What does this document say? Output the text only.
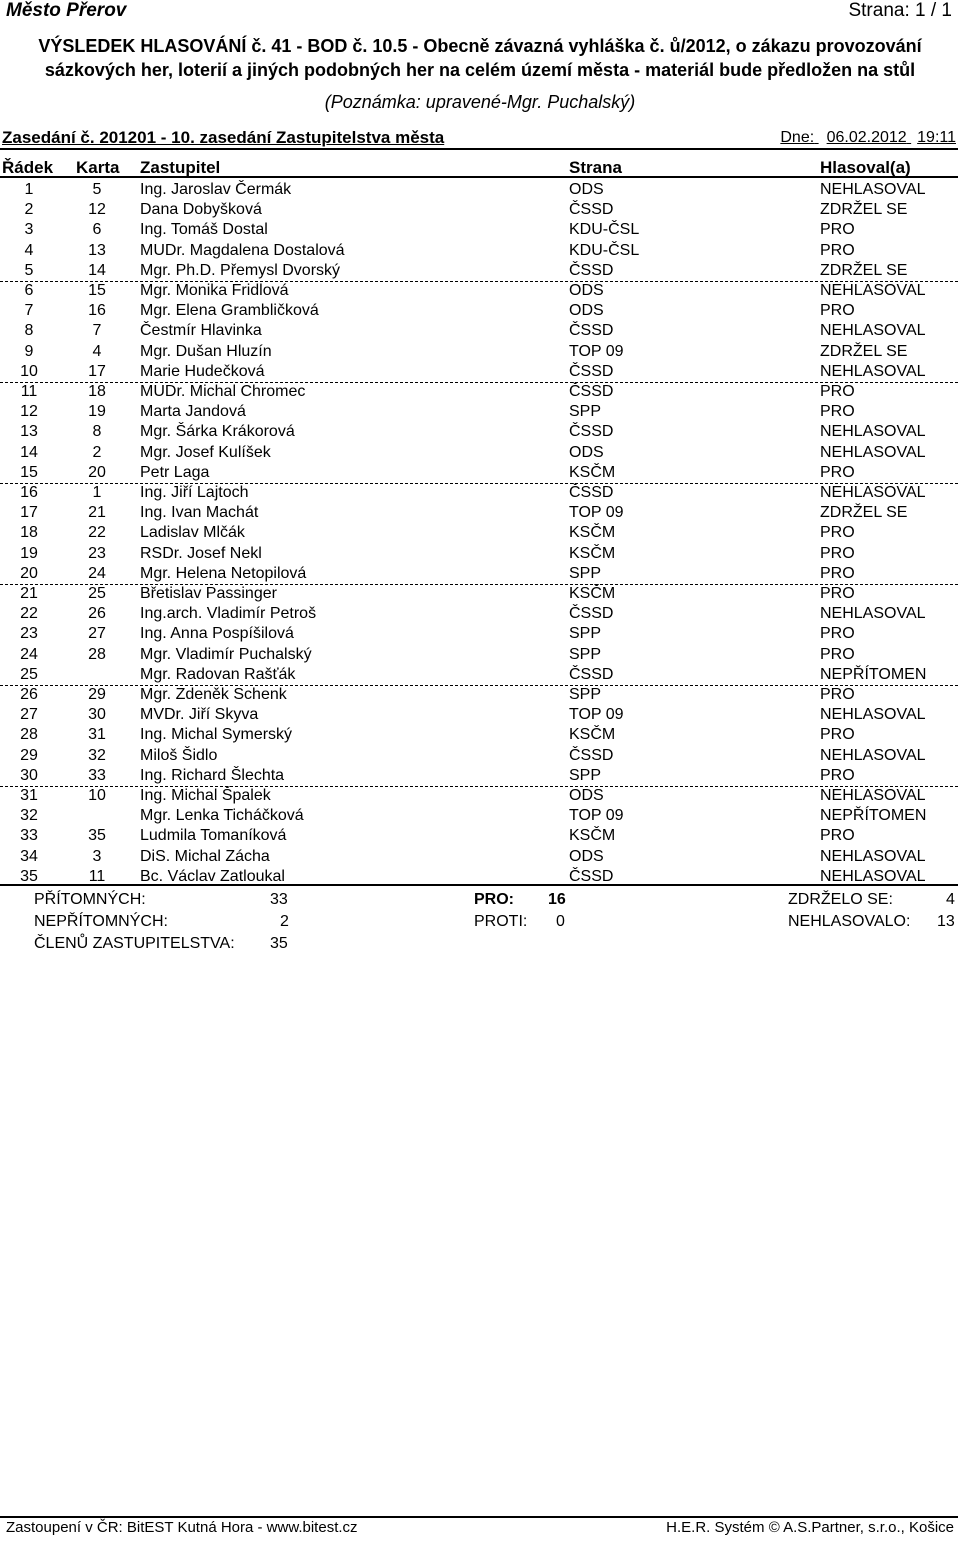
Město Přerov	Strana: 1 / 1
VÝSLEDEK HLASOVÁNÍ č. 41 - BOD č. 10.5 - Obecně závazná vyhláška č. ů/2012, o zákazu provozování
sázkových her, loterií a jiných podobných her na celém území města - materiál bude předložen na stůl
(Poznámka: upravené-Mgr. Puchalský)
Zasedání č. 201201 - 10. zasedání Zastupitelstva města	Dne: 06.02.2012 19:11
Řádek Karta Zastupitel	Strana	Hlasoval(a)
1	5	Ing. Jaroslav Čermák	ODS	NEHLASOVAL
2	12 Dana Dobyšková	ČSSD	ZDRŽEL SE
3	6	Ing. Tomáš Dostal	KDU-ČSL	PRO
4	13 MUDr. Magdalena Dostalová	KDU-ČSL	PRO
5	14 Mgr. Ph.D. Přemysl Dvorský	ČSSD	ZDRŽEL SE
6	15 Mgr. Monika Fridlová	ODS	NEHLASOVAL
7	16 Mgr. Elena Grambličková	ODS	PRO
8	7	Čestmír Hlavinka	ČSSD	NEHLASOVAL
9	4	Mgr. Dušan Hluzín	TOP 09	ZDRŽEL SE
10	17 Marie Hudečková	ČSSD	NEHLASOVAL
11	18 MUDr. Michal Chromec	ČSSD	PRO
12	19 Marta Jandová	SPP	PRO
13	8	Mgr. Šárka Krákorová	ČSSD	NEHLASOVAL
14	2	Mgr. Josef Kulíšek	ODS	NEHLASOVAL
15	20 Petr Laga	KSČM	PRO
16	1	Ing. Jiří Lajtoch	ČSSD	NEHLASOVAL
17	21 Ing. Ivan Machát	TOP 09	ZDRŽEL SE
18	22 Ladislav Mlčák	KSČM	PRO
19	23 RSDr. Josef Nekl	KSČM	PRO
20	24 Mgr. Helena Netopilová	SPP	PRO
21	25 Břetislav Passinger	KSČM	PRO
22	26 Ing.arch. Vladimír Petroš	ČSSD	NEHLASOVAL
23	27 Ing. Anna Pospíšilová	SPP	PRO
24	28 Mgr. Vladimír Puchalský	SPP	PRO
25	Mgr. Radovan Rašťák	ČSSD	NEPŘÍTOMEN
26	29 Mgr. Zdeněk Schenk	SPP	PRO
27	30 MVDr. Jiří Skyva	TOP 09	NEHLASOVAL
28	31 Ing. Michal Symerský	KSČM	PRO
29	32 Miloš Šidlo	ČSSD	NEHLASOVAL
30	33 Ing. Richard Šlechta	SPP	PRO
31	10 Ing. Michal Špalek	ODS	NEHLASOVAL
32	Mgr. Lenka Ticháčková	TOP 09	NEPŘÍTOMEN
33	35 Ludmila Tomaníková	KSČM	PRO
34	3	DiS. Michal Zácha	ODS	NEHLASOVAL
35	11 Bc. Václav Zatloukal	ČSSD	NEHLASOVAL
PŘÍTOMNÝCH:	33
NEPŘÍTOMNÝCH:	2
ČLENŮ ZASTUPITELSTVA: 35
PRO: 16
PROTI: 0
ZDRŽELO SE:	4
NEHLASOVALO: 13
Zastoupení v ČR: BitEST Kutná Hora - www.bitest.cz	H.E.R. Systém © A.S.Partner, s.r.o., Košice
